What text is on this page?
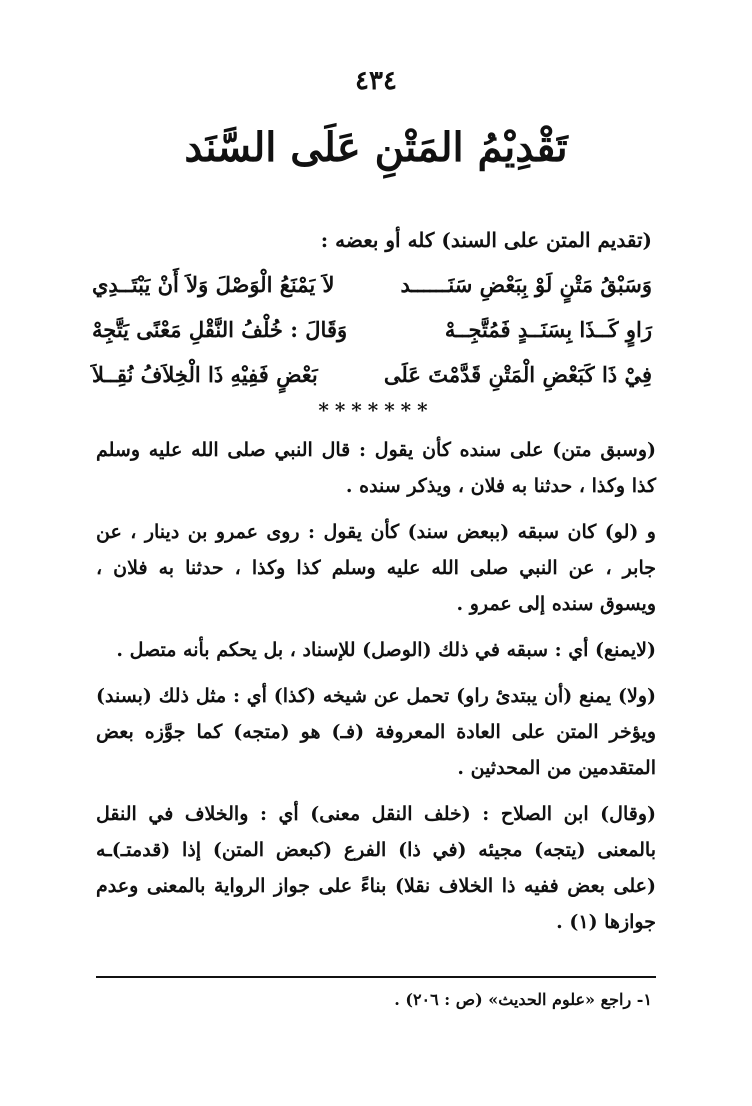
٤٣٤
تَقْدِيْمُ المَتْنِ عَلَى السَّنَد
(تقديم المتن على السند) كله أو بعضه :
وَسَبْقُ مَتْنٍ لَوْ بِبَعْضِ سَنَــــــد
لاَ يَمْنَعُ الْوَصْلَ وَلاَ أَنْ يَبْتَــدِي
رَاوٍ كَــذَا بِسَنَــدٍ فَمُتَّجِــهْ
وَقَالَ : خُلْفُ النَّقْلِ مَعْنًى يَتَّجِهْ
فِيْ ذَا كَبَعْضِ الْمَتْنِ قَدَّمْتَ عَلَى
بَعْضٍ فَفِيْهِ ذَا الْخِلاَفُ نُقِــلاَ
*******

(وسبق متن) على سنده كأن يقول : قال النبي صلى الله عليه وسلم كذا وكذا ، حدثنا به فلان ، ويذكر سنده .

و (لو) كان سبقه (ببعض سند) كأن يقول : روى عمرو بن دينار ، عن جابر ، عن النبي صلى الله عليه وسلم كذا وكذا ، حدثنا به فلان ، ويسوق سنده إلى عمرو .

(لايمنع) أي : سبقه في ذلك (الوصل) للإسناد ، بل يحكم بأنه متصل .

(ولا) يمنع (أن يبتدئ راو) تحمل عن شيخه (كذا) أي : مثل ذلك (بسند) ويؤخر المتن على العادة المعروفة (فـ) هو (متجه) كما جوَّزه بعض المتقدمين من المحدثين .

(وقال) ابن الصلاح : (خلف النقل معنى) أي : والخلاف في النقل بالمعنى (يتجه) مجيئه (في ذا) الفرع (كبعض المتن) إذا (قدمتـ)ـه (على بعض ففيه ذا الخلاف نقلا) بناءً على جواز الرواية بالمعنى وعدم جوازها (١) .

١- راجع «علوم الحديث» (ص : ٢٠٦) .
